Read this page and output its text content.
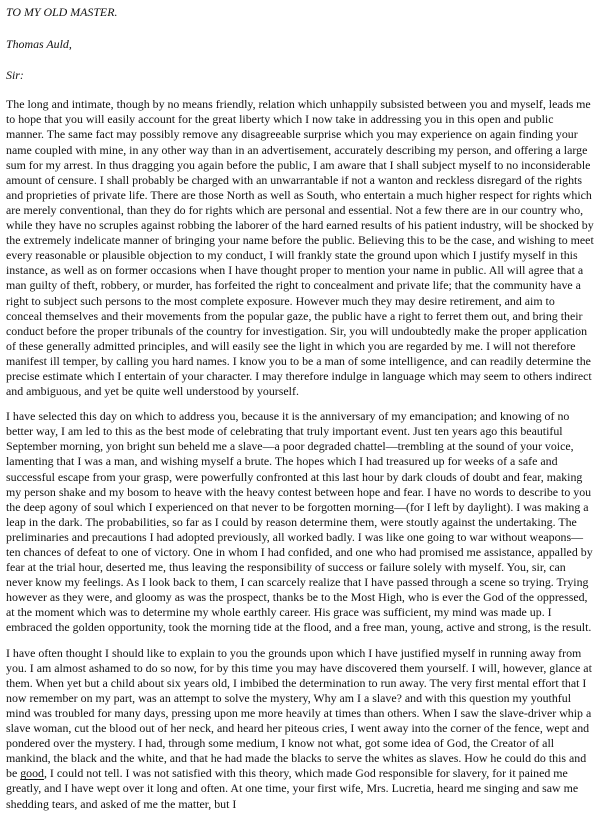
TO MY OLD MASTER.

Thomas Auld,

Sir:

The long and intimate, though by no means friendly, relation which unhappily subsisted between you and myself, leads me to hope that you will easily account for the great liberty which I now take in addressing you in this open and public manner. The same fact may possibly remove any disagreeable surprise which you may experience on again finding your name coupled with mine, in any other way than in an advertisement, accurately describing my person, and offering a large sum for my arrest. In thus dragging you again before the public, I am aware that I shall subject myself to no inconsiderable amount of censure. I shall probably be charged with an unwarrantable if not a wanton and reckless disregard of the rights and proprieties of private life. There are those North as well as South, who entertain a much higher respect for rights which are merely conventional, than they do for rights which are personal and essential. Not a few there are in our country who, while they have no scruples against robbing the laborer of the hard earned results of his patient industry, will be shocked by the extremely indelicate manner of bringing your name before the public. Believing this to be the case, and wishing to meet every reasonable or plausible objection to my conduct, I will frankly state the ground upon which I justify myself in this instance, as well as on former occasions when I have thought proper to mention your name in public. All will agree that a man guilty of theft, robbery, or murder, has forfeited the right to concealment and private life; that the community have a right to subject such persons to the most complete exposure. However much they may desire retirement, and aim to conceal themselves and their movements from the popular gaze, the public have a right to ferret them out, and bring their conduct before the proper tribunals of the country for investigation. Sir, you will undoubtedly make the proper application of these generally admitted principles, and will easily see the light in which you are regarded by me. I will not therefore manifest ill temper, by calling you hard names. I know you to be a man of some intelligence, and can readily determine the precise estimate which I entertain of your character. I may therefore indulge in language which may seem to others indirect and ambiguous, and yet be quite well understood by yourself.

I have selected this day on which to address you, because it is the anniversary of my emancipation; and knowing of no better way, I am led to this as the best mode of celebrating that truly important event. Just ten years ago this beautiful September morning, yon bright sun beheld me a slave—a poor degraded chattel—trembling at the sound of your voice, lamenting that I was a man, and wishing myself a brute. The hopes which I had treasured up for weeks of a safe and successful escape from your grasp, were powerfully confronted at this last hour by dark clouds of doubt and fear, making my person shake and my bosom to heave with the heavy contest between hope and fear. I have no words to describe to you the deep agony of soul which I experienced on that never to be forgotten morning—(for I left by daylight). I was making a leap in the dark. The probabilities, so far as I could by reason determine them, were stoutly against the undertaking. The preliminaries and precautions I had adopted previously, all worked badly. I was like one going to war without weapons—ten chances of defeat to one of victory. One in whom I had confided, and one who had promised me assistance, appalled by fear at the trial hour, deserted me, thus leaving the responsibility of success or failure solely with myself. You, sir, can never know my feelings. As I look back to them, I can scarcely realize that I have passed through a scene so trying. Trying however as they were, and gloomy as was the prospect, thanks be to the Most High, who is ever the God of the oppressed, at the moment which was to determine my whole earthly career. His grace was sufficient, my mind was made up. I embraced the golden opportunity, took the morning tide at the flood, and a free man, young, active and strong, is the result.

I have often thought I should like to explain to you the grounds upon which I have justified myself in running away from you. I am almost ashamed to do so now, for by this time you may have discovered them yourself. I will, however, glance at them. When yet but a child about six years old, I imbibed the determination to run away. The very first mental effort that I now remember on my part, was an attempt to solve the mystery, Why am I a slave? and with this question my youthful mind was troubled for many days, pressing upon me more heavily at times than others. When I saw the slave-driver whip a slave woman, cut the blood out of her neck, and heard her piteous cries, I went away into the corner of the fence, wept and pondered over the mystery. I had, through some medium, I know not what, got some idea of God, the Creator of all mankind, the black and the white, and that he had made the blacks to serve the whites as slaves. How he could do this and be good, I could not tell. I was not satisfied with this theory, which made God responsible for slavery, for it pained me greatly, and I have wept over it long and often. At one time, your first wife, Mrs. Lucretia, heard me singing and saw me shedding tears, and asked of me the matter, but I
